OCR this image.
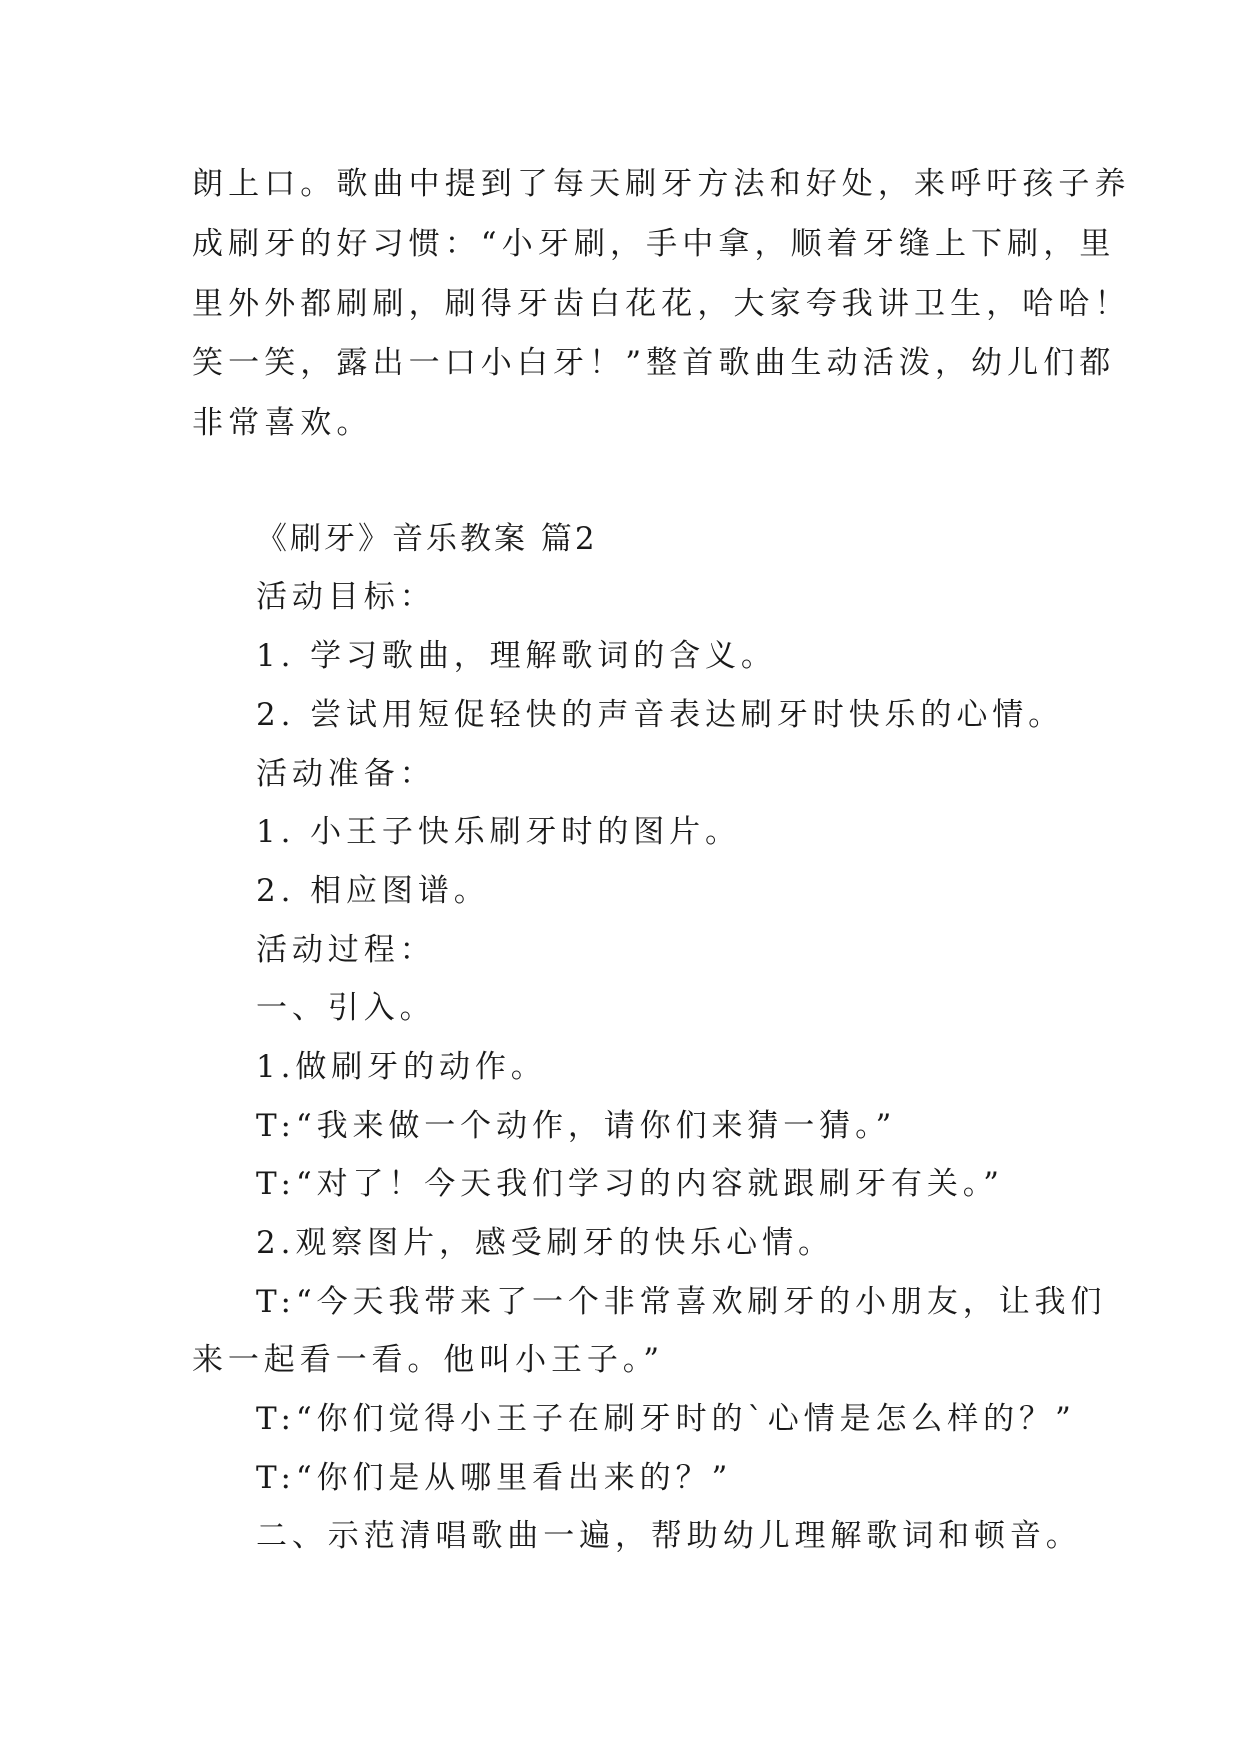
朗上口。歌曲中提到了每天刷牙方法和好处，来呼吁孩子养
成刷牙的好习惯：“小牙刷，手中拿，顺着牙缝上下刷，里
里外外都刷刷，刷得牙齿白花花，大家夸我讲卫生，哈哈！
笑一笑，露出一口小白牙！”整首歌曲生动活泼，幼儿们都
非常喜欢。
《刷牙》音乐教案 篇2
活动目标：
1. 学习歌曲，理解歌词的含义。
2. 尝试用短促轻快的声音表达刷牙时快乐的心情。
活动准备：
1. 小王子快乐刷牙时的图片。
2. 相应图谱。
活动过程：
一、引入。
1.做刷牙的动作。
T:“我来做一个动作，请你们来猜一猜。”
T:“对了！今天我们学习的内容就跟刷牙有关。”
2.观察图片，感受刷牙的快乐心情。
T:“今天我带来了一个非常喜欢刷牙的小朋友，让我们
来一起看一看。他叫小王子。”
T:“你们觉得小王子在刷牙时的`心情是怎么样的？”
T:“你们是从哪里看出来的？”
二、示范清唱歌曲一遍，帮助幼儿理解歌词和顿音。
